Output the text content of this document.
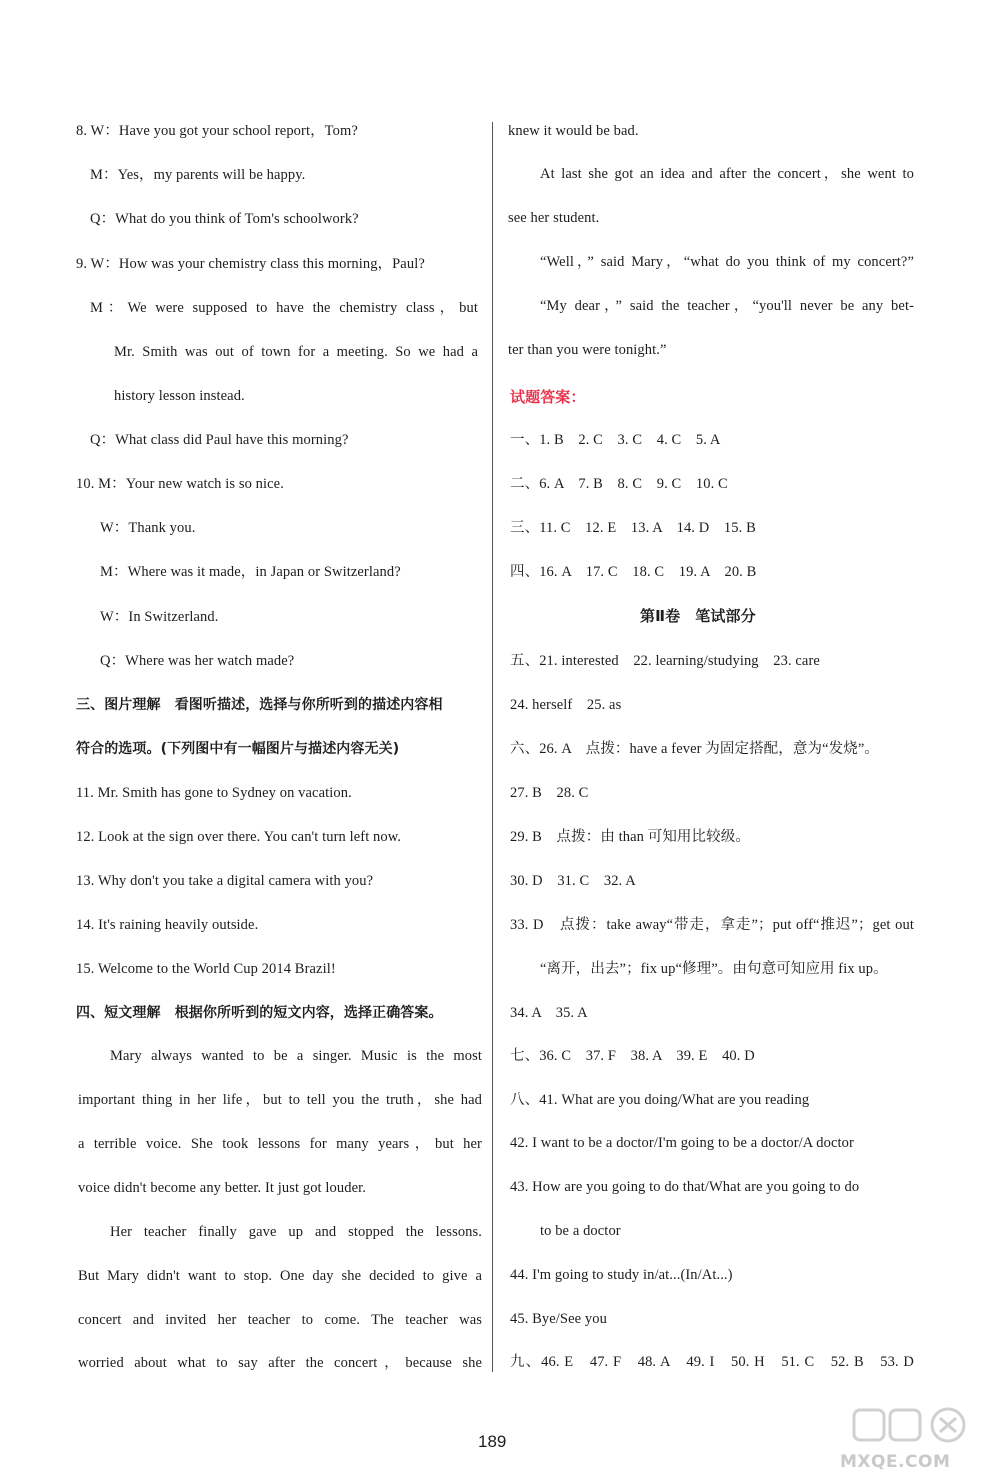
8. W：Have you got your school report，Tom?
M：Yes，my parents will be happy.
Q：What do you think of Tom's schoolwork?
9. W：How was your chemistry class this morning，Paul?
M：We were supposed to have the chemistry class，but
Mr. Smith was out of town for a meeting. So we had a
history lesson instead.
Q：What class did Paul have this morning?
10. M：Your new watch is so nice.
W：Thank you.
M：Where was it made，in Japan or Switzerland?
W：In Switzerland.
Q：Where was her watch made?
三、图片理解　看图听描述，选择与你所听到的描述内容相
符合的选项。(下列图中有一幅图片与描述内容无关)
11. Mr. Smith has gone to Sydney on vacation.
12. Look at the sign over there. You can't turn left now.
13. Why don't you take a digital camera with you?
14. It's raining heavily outside.
15. Welcome to the World Cup 2014 Brazil!
四、短文理解　根据你所听到的短文内容，选择正确答案。
Mary always wanted to be a singer. Music is the most
important thing in her life，but to tell you the truth，she had
a terrible voice. She took lessons for many years，but her
voice didn't become any better. It just got louder.
Her teacher finally gave up and stopped the lessons.
But Mary didn't want to stop. One day she decided to give a
concert and invited her teacher to come. The teacher was
worried about what to say after the concert，because she
knew it would be bad.
At last she got an idea and after the concert，she went to
see her student.
“Well，” said Mary，“what do you think of my concert?”
“My dear，” said the teacher，“you'll never be any bet-
ter than you were tonight.”
试题答案：
一、1. B　2. C　3. C　4. C　5. A
二、6. A　7. B　8. C　9. C　10. C
三、11. C　12. E　13. A　14. D　15. B
四、16. A　17. C　18. C　19. A　20. B
第Ⅱ卷　笔试部分
五、21. interested　22. learning/studying　23. care
24. herself　25. as
六、26. A　点拨：have a fever 为固定搭配，意为“发烧”。
27. B　28. C
29. B　点拨：由 than 可知用比较级。
30. D　31. C　32. A
33. D　点拨：take away“带走，拿走”；put off“推迟”；get out
“离开，出去”；fix up“修理”。由句意可知应用 fix up。
34. A　35. A
七、36. C　37. F　38. A　39. E　40. D
八、41. What are you doing/What are you reading
42. I want to be a doctor/I'm going to be a doctor/A doctor
43. How are you going to do that/What are you going to do
to be a doctor
44. I'm going to study in/at...(In/At...)
45. Bye/See you
九、46. E　47. F　48. A　49. I　50. H　51. C　52. B　53. D
189
MXQE.COM
